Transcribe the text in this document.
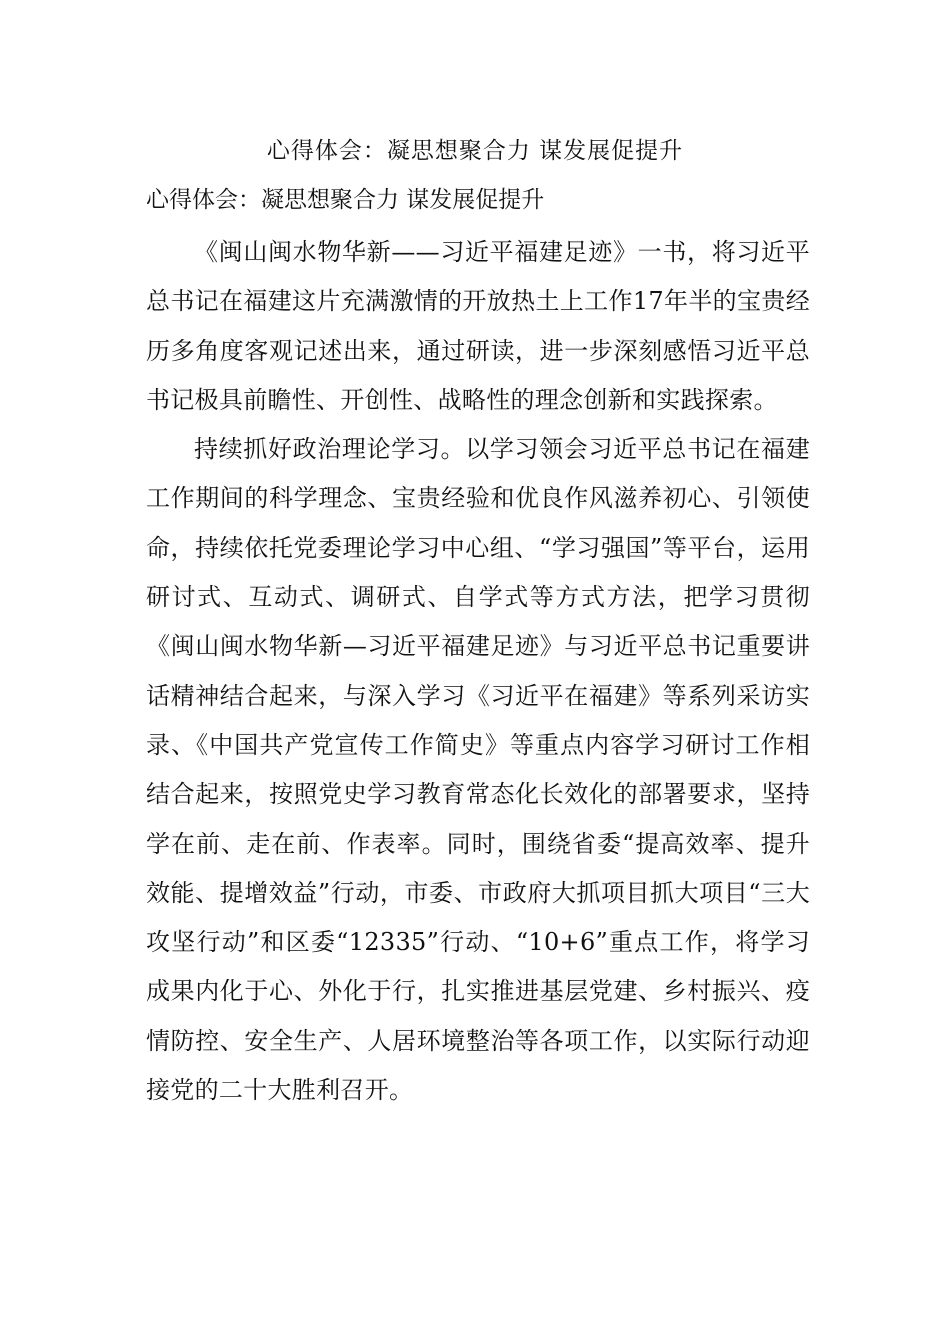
心得体会：凝思想聚合力 谋发展促提升
心得体会：凝思想聚合力 谋发展促提升

《闽山闽水物华新——习近平福建足迹》一书，将习近平总书记在福建这片充满激情的开放热土上工作17年半的宝贵经历多角度客观记述出来，通过研读，进一步深刻感悟习近平总书记极具前瞻性、开创性、战略性的理念创新和实践探索。

持续抓好政治理论学习。以学习领会习近平总书记在福建工作期间的科学理念、宝贵经验和优良作风滋养初心、引领使命，持续依托党委理论学习中心组、“学习强国”等平台，运用研讨式、互动式、调研式、自学式等方式方法，把学习贯彻《闽山闽水物华新—习近平福建足迹》与习近平总书记重要讲话精神结合起来，与深入学习《习近平在福建》等系列采访实录、《中国共产党宣传工作简史》等重点内容学习研讨工作相结合起来，按照党史学习教育常态化长效化的部署要求，坚持学在前、走在前、作表率。同时，围绕省委“提高效率、提升效能、提增效益”行动，市委、市政府大抓项目抓大项目“三大攻坚行动”和区委“12335”行动、“10+6”重点工作，将学习成果内化于心、外化于行，扎实推进基层党建、乡村振兴、疫情防控、安全生产、人居环境整治等各项工作，以实际行动迎接党的二十大胜利召开。
